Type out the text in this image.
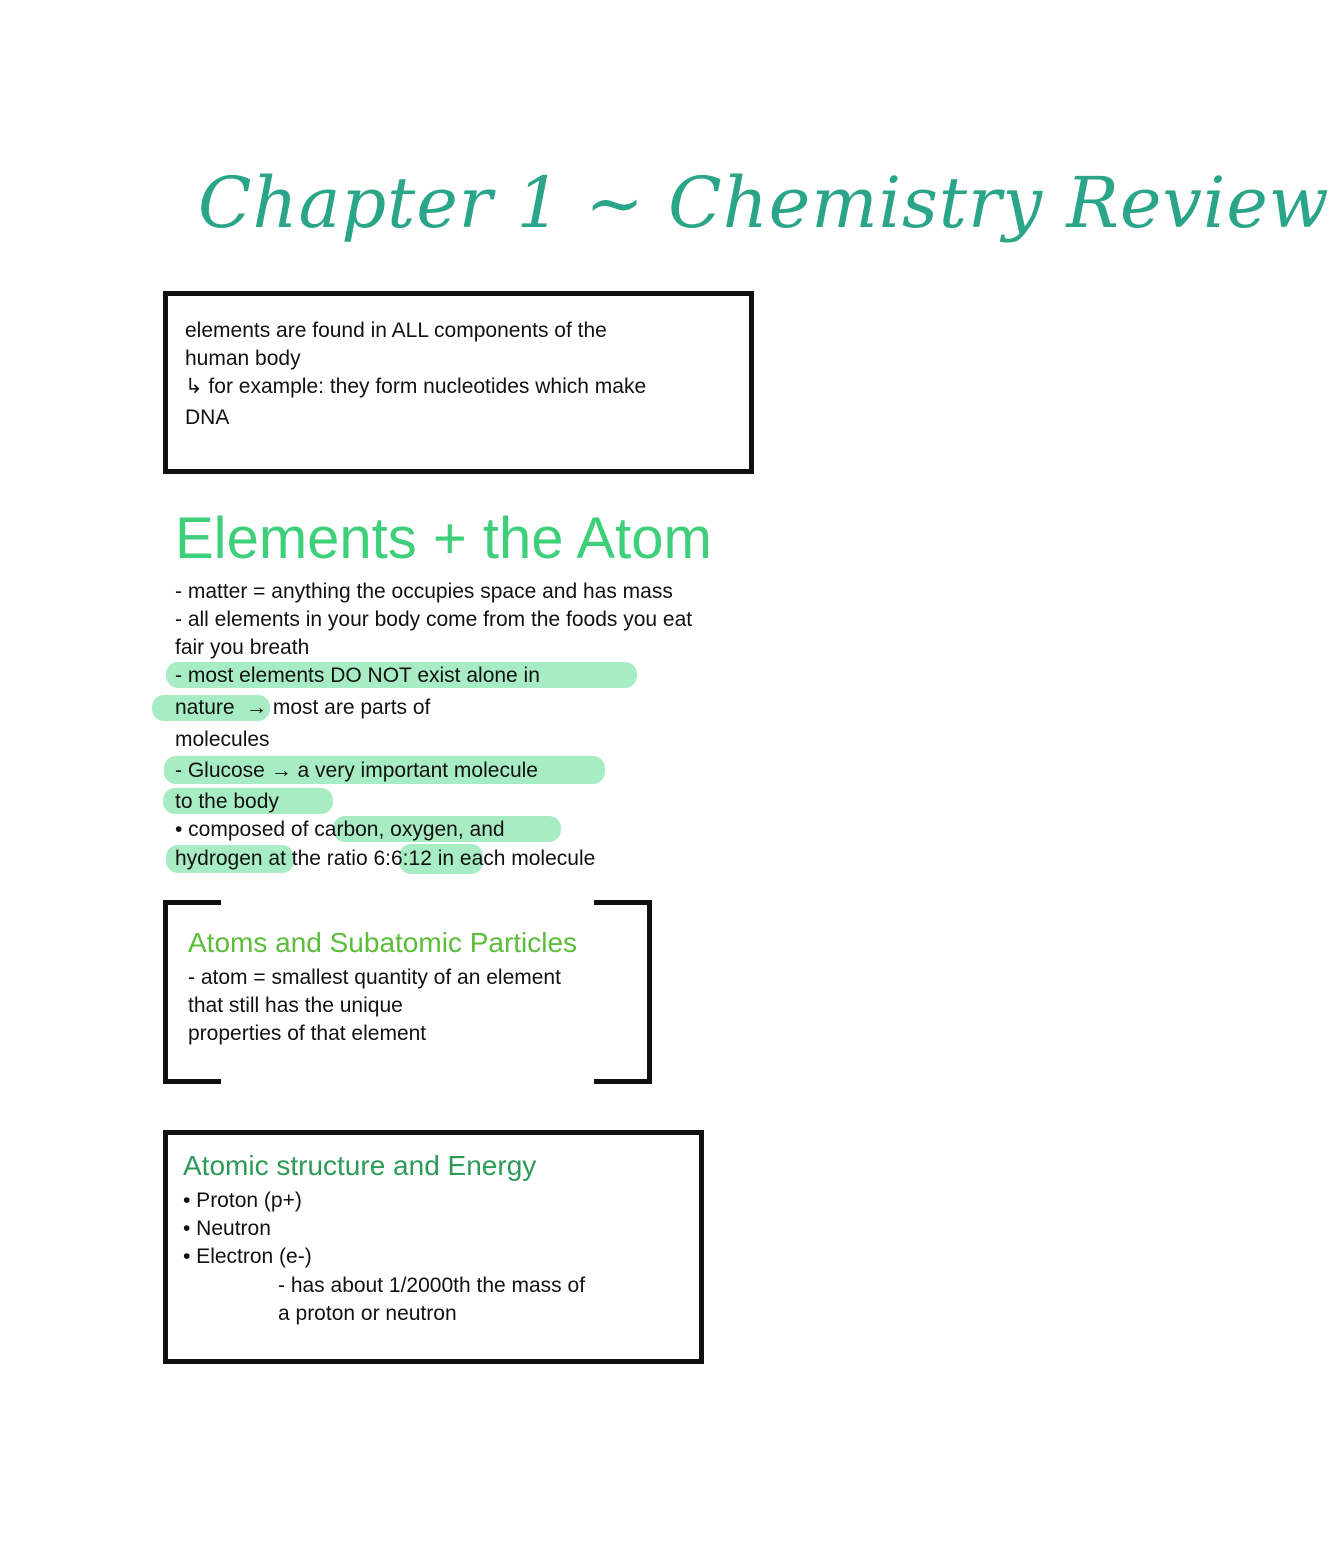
Chapter 1 ~ Chemistry Review
elements are found in ALL components of the
human body
↳ for example: they form nucleotides which make
DNA
Elements + the Atom
- matter = anything the occupies space and has mass
- all elements in your body come from the foods you eat
fair you breath
- most elements DO NOT exist alone in
nature → most are parts of
molecules
- Glucose → a very important molecule
to the body
• composed of carbon, oxygen, and
hydrogen at the ratio 6:6:12 in each molecule
Atoms and Subatomic Particles
- atom = smallest quantity of an element
that still has the unique
properties of that element
Atomic structure and Energy
• Proton (p+)
• Neutron
• Electron (e-)
- has about 1/2000th the mass of
a proton or neutron
